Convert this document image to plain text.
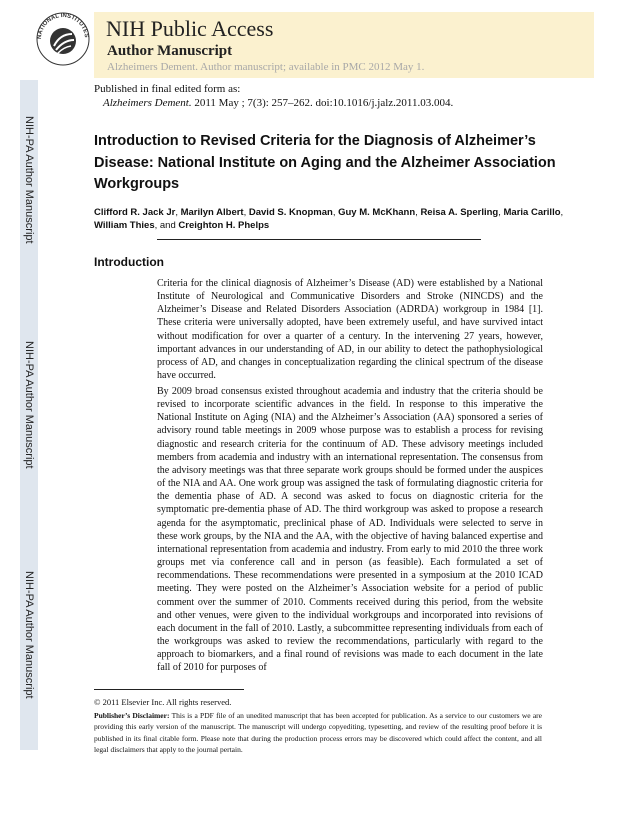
NIH-PA Author Manuscript
NIH-PA Author Manuscript
NIH-PA Author Manuscript
NATIONAL INSTITUTES NIH Public Access
Author Manuscript
Alzheimers Dement. Author manuscript; available in PMC 2012 May 1.
Published in final edited form as:
Alzheimers Dement. 2011 May ; 7(3): 257–262. doi:10.1016/j.jalz.2011.03.004.
Introduction to Revised Criteria for the Diagnosis of Alzheimer’s Disease: National Institute on Aging and the Alzheimer Association Workgroups
Clifford R. Jack Jr, Marilyn Albert, David S. Knopman, Guy M. McKhann, Reisa A. Sperling, Maria Carillo, William Thies, and Creighton H. Phelps
Introduction

Criteria for the clinical diagnosis of Alzheimer’s Disease (AD) were established by a National Institute of Neurological and Communicative Disorders and Stroke (NINCDS) and the Alzheimer’s Disease and Related Disorders Association (ADRDA) workgroup in 1984 [1]. These criteria were universally adopted, have been extremely useful, and have survived intact without modification for over a quarter of a century. In the intervening 27 years, however, important advances in our understanding of AD, in our ability to detect the pathophysiological process of AD, and changes in conceptualization regarding the clinical spectrum of the disease have occurred.

By 2009 broad consensus existed throughout academia and industry that the criteria should be revised to incorporate scientific advances in the field. In response to this imperative the National Institute on Aging (NIA) and the Alzheimer’s Association (AA) sponsored a series of advisory round table meetings in 2009 whose purpose was to establish a process for revising diagnostic and research criteria for the continuum of AD. These advisory meetings included members from academia and industry with an international representation. The consensus from the advisory meetings was that three separate work groups should be formed under the auspices of the NIA and AA. One work group was assigned the task of formulating diagnostic criteria for the dementia phase of AD. A second was asked to focus on diagnostic criteria for the symptomatic pre-dementia phase of AD. The third workgroup was asked to propose a research agenda for the asymptomatic, preclinical phase of AD. Individuals were selected to serve in these work groups, by the NIA and the AA, with the objective of having balanced expertise and international representation from academia and industry. From early to mid 2010 the three work groups met via conference call and in person (as feasible). Each formulated a set of recommendations. These recommendations were presented in a symposium at the 2010 ICAD meeting. They were posted on the Alzheimer’s Association website for a period of public comment over the summer of 2010. Comments received during this period, from the website and other venues, were given to the individual workgroups and incorporated into revisions of each document in the fall of 2010. Lastly, a subcommittee representing individuals from each of the workgroups was asked to review the recommendations, particularly with regard to the approach to biomarkers, and a final round of revisions was made to each document in the late fall of 2010 for purposes of

© 2011 Elsevier Inc. All rights reserved.

Publisher’s Disclaimer: This is a PDF file of an unedited manuscript that has been accepted for publication. As a service to our customers we are providing this early version of the manuscript. The manuscript will undergo copyediting, typesetting, and review of the resulting proof before it is published in its final citable form. Please note that during the production process errors may be discovered which could affect the content, and all legal disclaimers that apply to the journal pertain.
